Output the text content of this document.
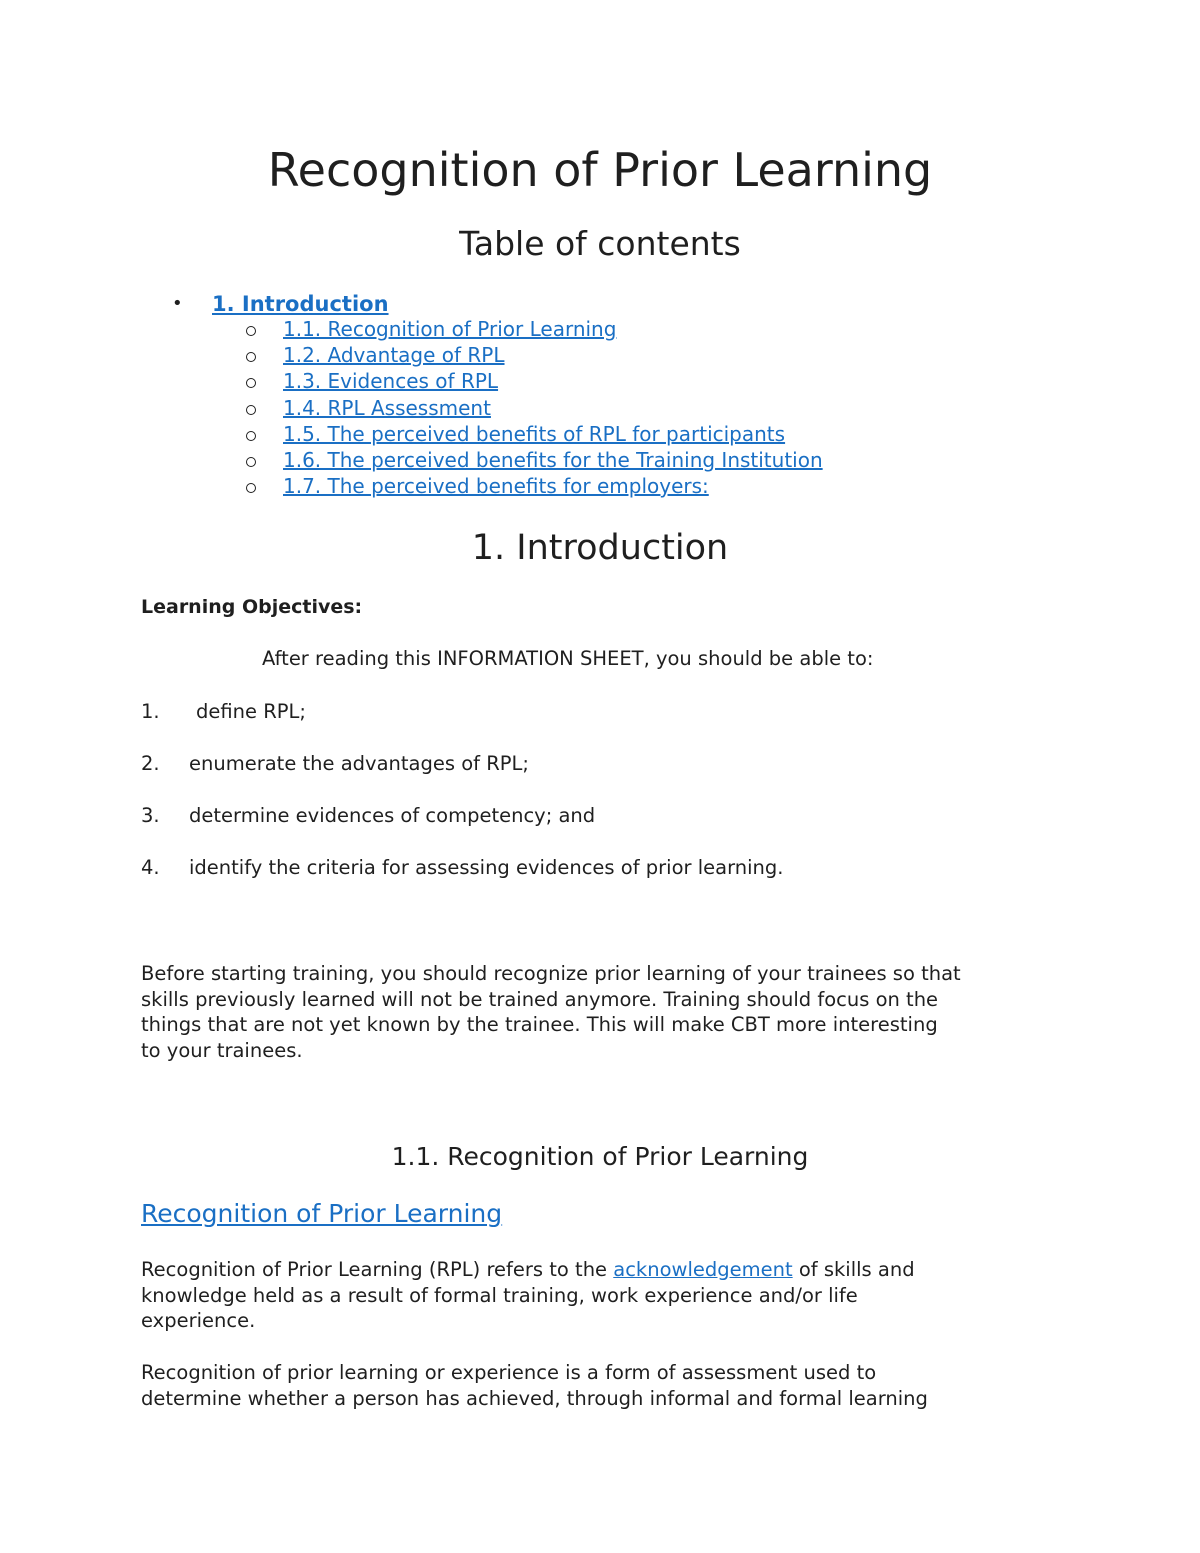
Recognition of Prior Learning
Table of contents
• 1. Introduction
1.1. Recognition of Prior Learning
1.2. Advantage of RPL
1.3. Evidences of RPL
1.4. RPL Assessment
1.5. The perceived benefits of RPL for participants
1.6. The perceived benefits for the Training Institution
1.7. The perceived benefits for employers:
1. Introduction
Learning Objectives:
After reading this INFORMATION SHEET, you should be able to:
1. define RPL;
2. enumerate the advantages of RPL;
3. determine evidences of competency; and
4. identify the criteria for assessing evidences of prior learning.
Before starting training, you should recognize prior learning of your trainees so that
skills previously learned will not be trained anymore. Training should focus on the
things that are not yet known by the trainee. This will make CBT more interesting
to your trainees.
1.1. Recognition of Prior Learning
Recognition of Prior Learning
Recognition of Prior Learning (RPL) refers to the acknowledgement of skills and
knowledge held as a result of formal training, work experience and/or life
experience.
Recognition of prior learning or experience is a form of assessment used to
determine whether a person has achieved, through informal and formal learning
